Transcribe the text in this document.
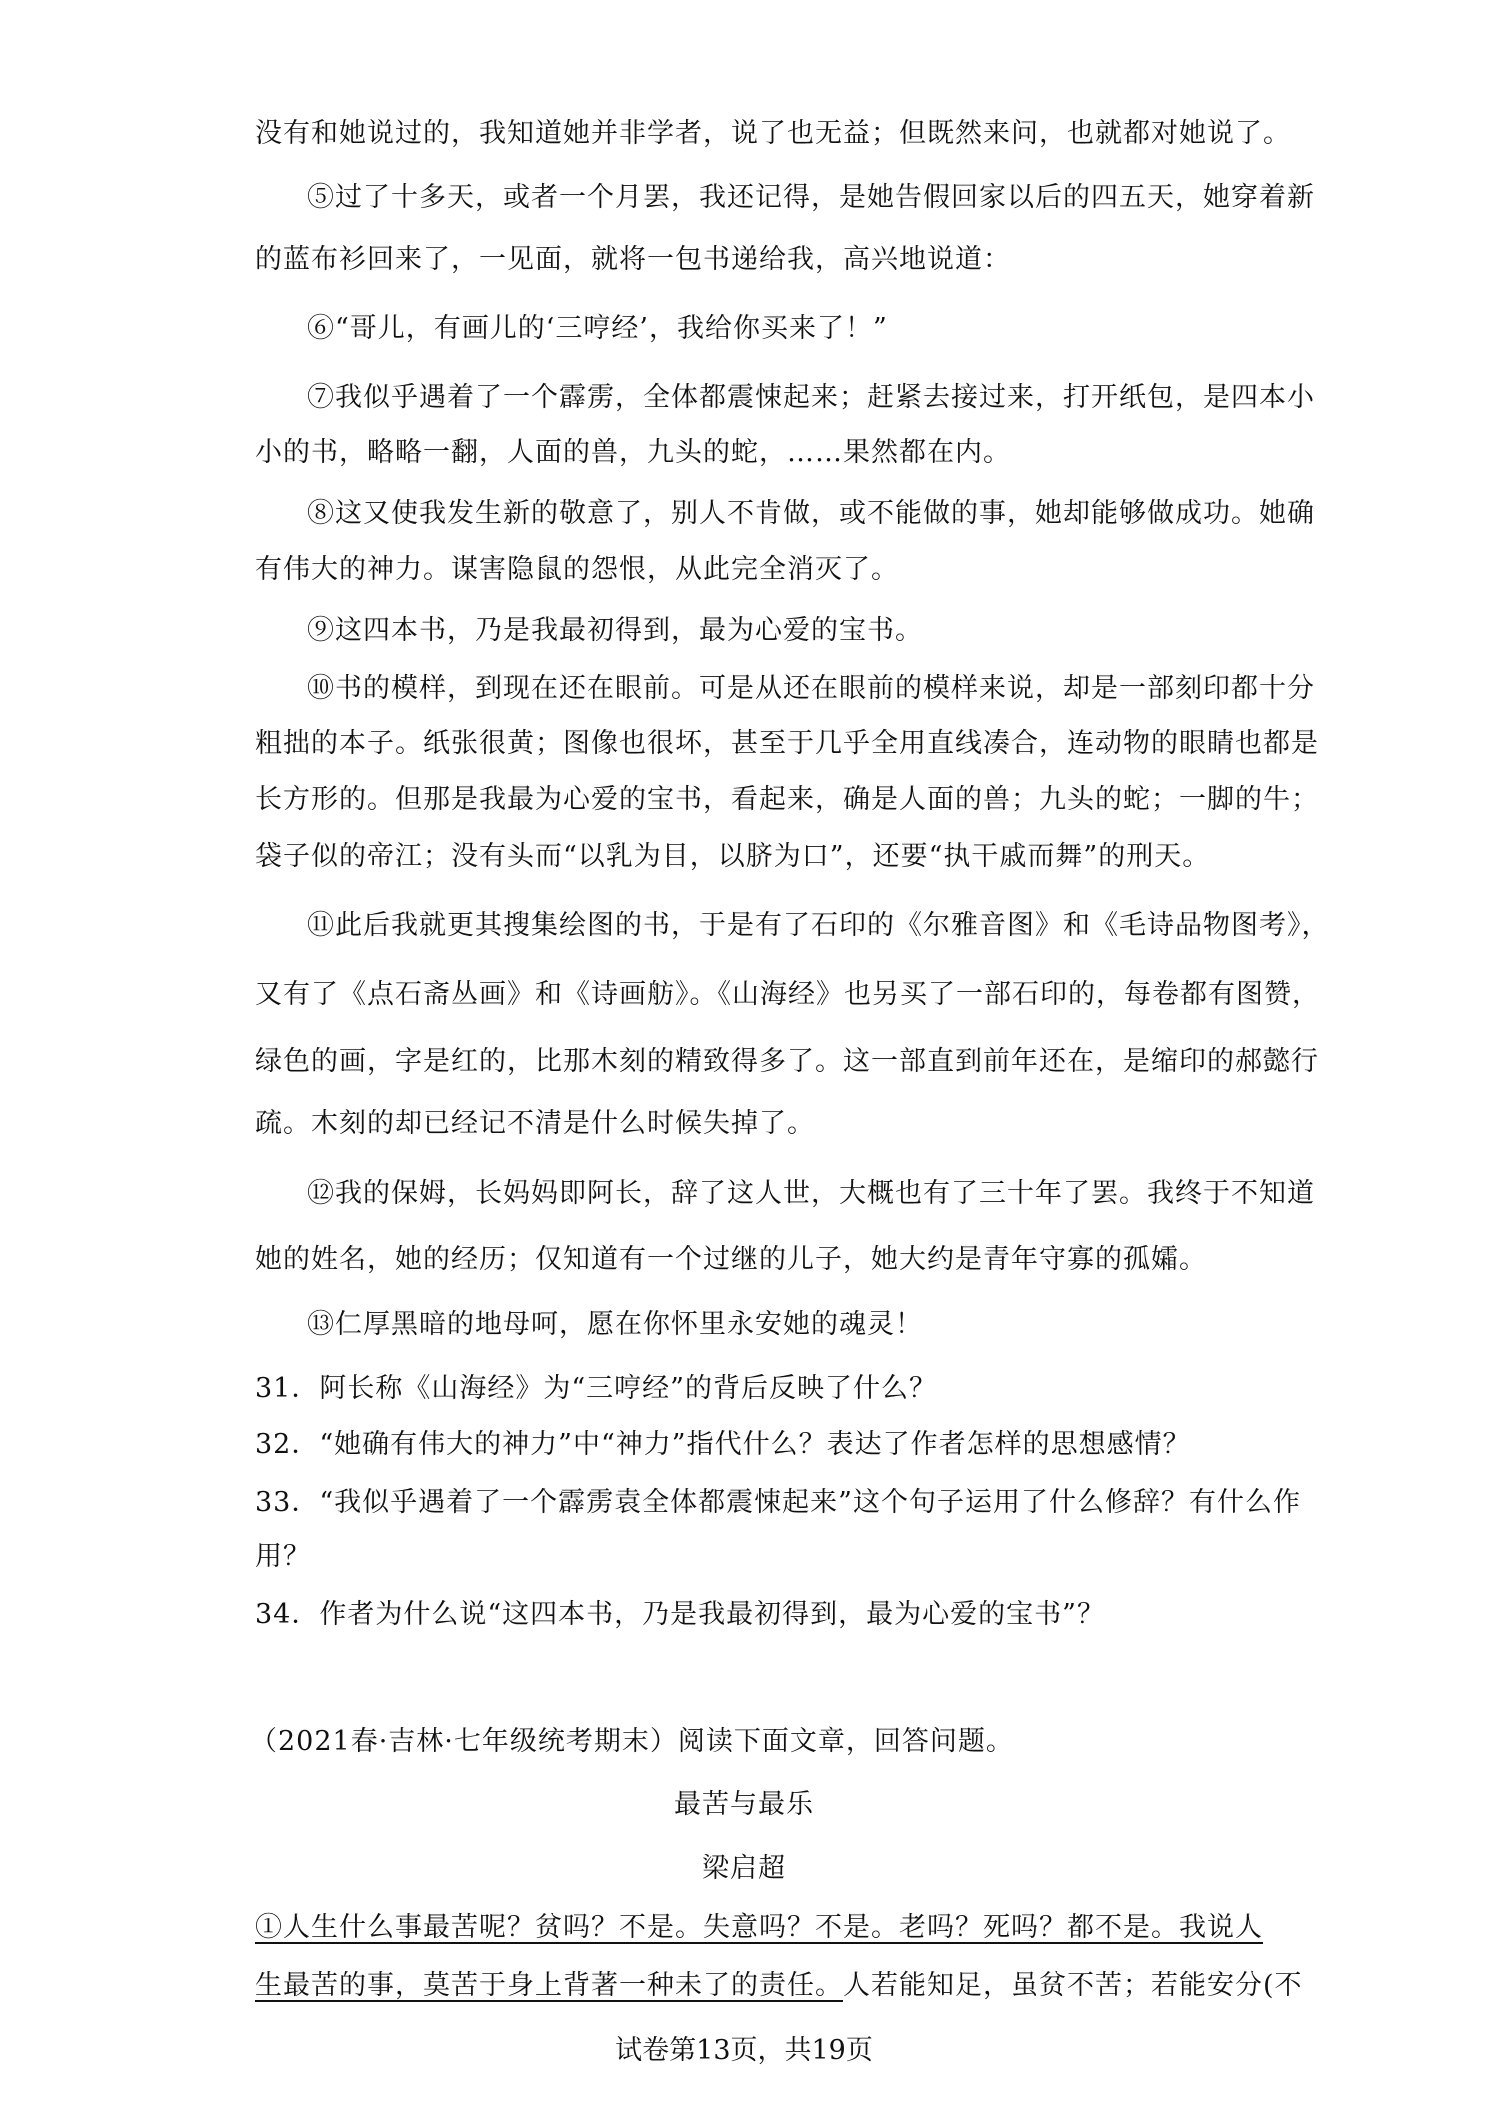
没有和她说过的，我知道她并非学者，说了也无益；但既然来问，也就都对她说了。
⑤过了十多天，或者一个月罢，我还记得，是她告假回家以后的四五天，她穿着新
的蓝布衫回来了，一见面，就将一包书递给我，高兴地说道：
⑥“哥儿，有画儿的‘三哼经’，我给你买来了！”
⑦我似乎遇着了一个霹雳，全体都震悚起来；赶紧去接过来，打开纸包，是四本小
小的书，略略一翻，人面的兽，九头的蛇，……果然都在内。
⑧这又使我发生新的敬意了，别人不肯做，或不能做的事，她却能够做成功。她确
有伟大的神力。谋害隐鼠的怨恨，从此完全消灭了。
⑨这四本书，乃是我最初得到，最为心爱的宝书。
⑩书的模样，到现在还在眼前。可是从还在眼前的模样来说，却是一部刻印都十分
粗拙的本子。纸张很黄；图像也很坏，甚至于几乎全用直线凑合，连动物的眼睛也都是
长方形的。但那是我最为心爱的宝书，看起来，确是人面的兽；九头的蛇；一脚的牛；
袋子似的帝江；没有头而“以乳为目，以脐为口”，还要“执干戚而舞”的刑天。
⑪此后我就更其搜集绘图的书，于是有了石印的《尔雅音图》和《毛诗品物图考》，
又有了《点石斋丛画》和《诗画舫》。《山海经》也另买了一部石印的，每卷都有图赞，
绿色的画，字是红的，比那木刻的精致得多了。这一部直到前年还在，是缩印的郝懿行
疏。木刻的却已经记不清是什么时候失掉了。
⑫我的保姆，长妈妈即阿长，辞了这人世，大概也有了三十年了罢。我终于不知道
她的姓名，她的经历；仅知道有一个过继的儿子，她大约是青年守寡的孤孀。
⑬仁厚黑暗的地母呵，愿在你怀里永安她的魂灵！
31．阿长称《山海经》为“三哼经”的背后反映了什么？
32．“她确有伟大的神力”中“神力”指代什么？表达了作者怎样的思想感情？
33．“我似乎遇着了一个霹雳袁全体都震悚起来”这个句子运用了什么修辞？有什么作
用？
34．作者为什么说“这四本书，乃是我最初得到，最为心爱的宝书”？
（2021春·吉林·七年级统考期末）阅读下面文章，回答问题。
最苦与最乐
梁启超
①人生什么事最苦呢？贫吗？不是。失意吗？不是。老吗？死吗？都不是。我说人
生最苦的事，莫苦于身上背著一种未了的责任。人若能知足，虽贫不苦；若能安分(不
试卷第13页，共19页
